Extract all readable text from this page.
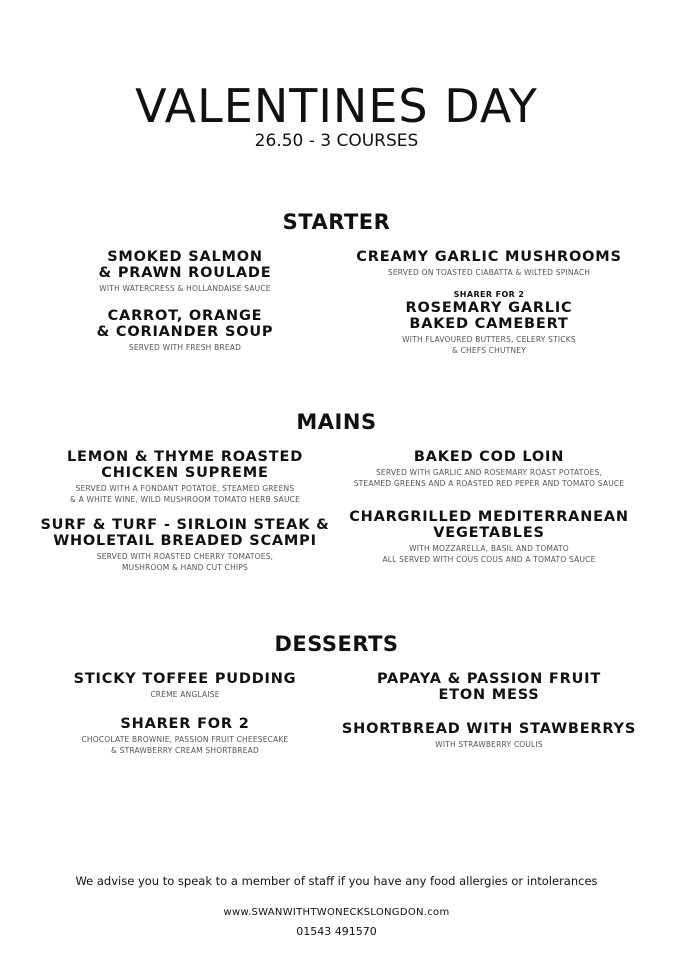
VALENTINES DAY
26.50 - 3 COURSES
STARTER
SMOKED SALMON
& PRAWN ROULADE
WITH WATERCRESS & HOLLANDAISE SAUCE
CARROT, ORANGE
& CORIANDER SOUP
SERVED WITH FRESH BREAD
CREAMY GARLIC MUSHROOMS
SERVED ON TOASTED CIABATTA & WILTED SPINACH
SHARER FOR 2
ROSEMARY GARLIC
BAKED CAMEBERT
WITH FLAVOURED BUTTERS, CELERY STICKS
& CHEFS CHUTNEY
MAINS
LEMON & THYME ROASTED
CHICKEN SUPREME
SERVED WITH A FONDANT POTATOE, STEAMED GREENS
& A WHITE WINE, WILD MUSHROOM TOMATO HERB SAUCE
SURF & TURF - SIRLOIN STEAK &
WHOLETAIL BREADED SCAMPI
SERVED WITH ROASTED CHERRY TOMATOES,
MUSHROOM & HAND CUT CHIPS
BAKED COD LOIN
SERVED WITH GARLIC AND ROSEMARY ROAST POTATOES,
STEAMED GREENS AND A ROASTED RED PEPER AND TOMATO SAUCE
CHARGRILLED MEDITERRANEAN
VEGETABLES
WITH MOZZARELLA, BASIL AND TOMATO
ALL SERVED WITH COUS COUS AND A TOMATO SAUCE
DESSERTS
STICKY TOFFEE PUDDING
CRÈME ANGLAISE
SHARER FOR 2
CHOCOLATE BROWNIE, PASSION FRUIT CHEESECAKE
& STRAWBERRY CREAM SHORTBREAD
PAPAYA & PASSION FRUIT
ETON MESS
SHORTBREAD WITH STAWBERRYS
WITH STRAWBERRY COULIS
We advise you to speak to a member of staff if you have any food allergies or intolerances
www.SWANWITHTWONECKSLONGDON.com
01543 491570
